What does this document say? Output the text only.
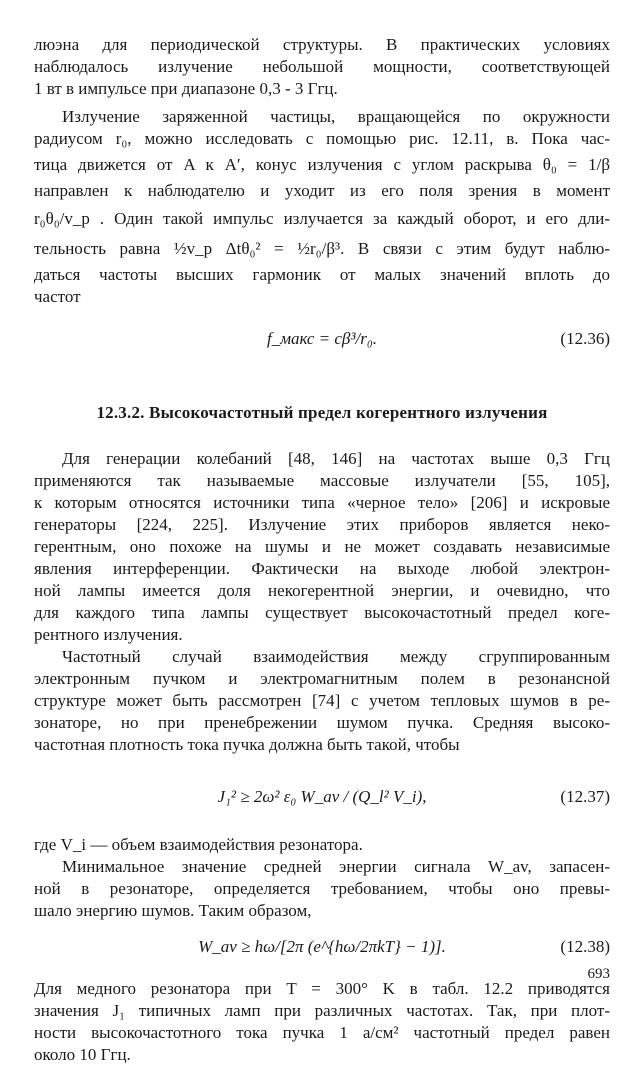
люэна для периодической структуры. В практических условиях
наблюдалось излучение небольшой мощности, соответствующей
1 вт в импульсе при диапазоне 0,3 - 3 Ггц.
Излучение заряженной частицы, вращающейся по окружности
радиусом r₀, можно исследовать с помощью рис. 12.11, в. Пока час-
тица движется от A к A′, конус излучения с углом раскрыва θ₀ = 1/β
направлен к наблюдателю и уходит из его поля зрения в момент
r₀θ₀/v_p . Один такой импульс излучается за каждый оборот, и его дли-
тельность равна ½v_p Δtθ₀² = ½r₀/β³. В связи с этим будут наблю-
даться частоты высших гармоник от малых значений вплоть до
частот
f_макс = cβ³/r₀.	(12.36)
12.3.2. Высокочастотный предел когерентного излучения
Для генерации колебаний [48, 146] на частотах выше 0,3 Ггц
применяются так называемые массовые излучатели [55, 105],
к которым относятся источники типа «черное тело» [206] и искровые
генераторы [224, 225]. Излучение этих приборов является неко-
герентным, оно похоже на шумы и не может создавать независимые
явления интерференции. Фактически на выходе любой электрон-
ной лампы имеется доля некогерентной энергии, и очевидно, что
для каждого типа лампы существует высокочастотный предел коге-
рентного излучения.
Частотный случай взаимодействия между сгруппированным
электронным пучком и электромагнитным полем в резонансной
структуре может быть рассмотрен [74] с учетом тепловых шумов в ре-
зонаторе, но при пренебрежении шумом пучка. Средняя высоко-
частотная плотность тока пучка должна быть такой, чтобы
J₁² ≥ 2ω² ε₀ W_av / (Q_l² V_i),	(12.37)
где V_i — объем взаимодействия резонатора.
Минимальное значение средней энергии сигнала W_av, запасен-
ной в резонаторе, определяется требованием, чтобы оно превы-
шало энергию шумов. Таким образом,
W_av ≥ hω/[2π (e^{hω/2πkT} − 1)].	(12.38)
Для медного резонатора при T = 300° K в табл. 12.2 приводятся
значения J₁ типичных ламп при различных частотах. Так, при плот-
ности высокочастотного тока пучка 1 а/см² частотный предел равен
около 10 Ггц.
693
